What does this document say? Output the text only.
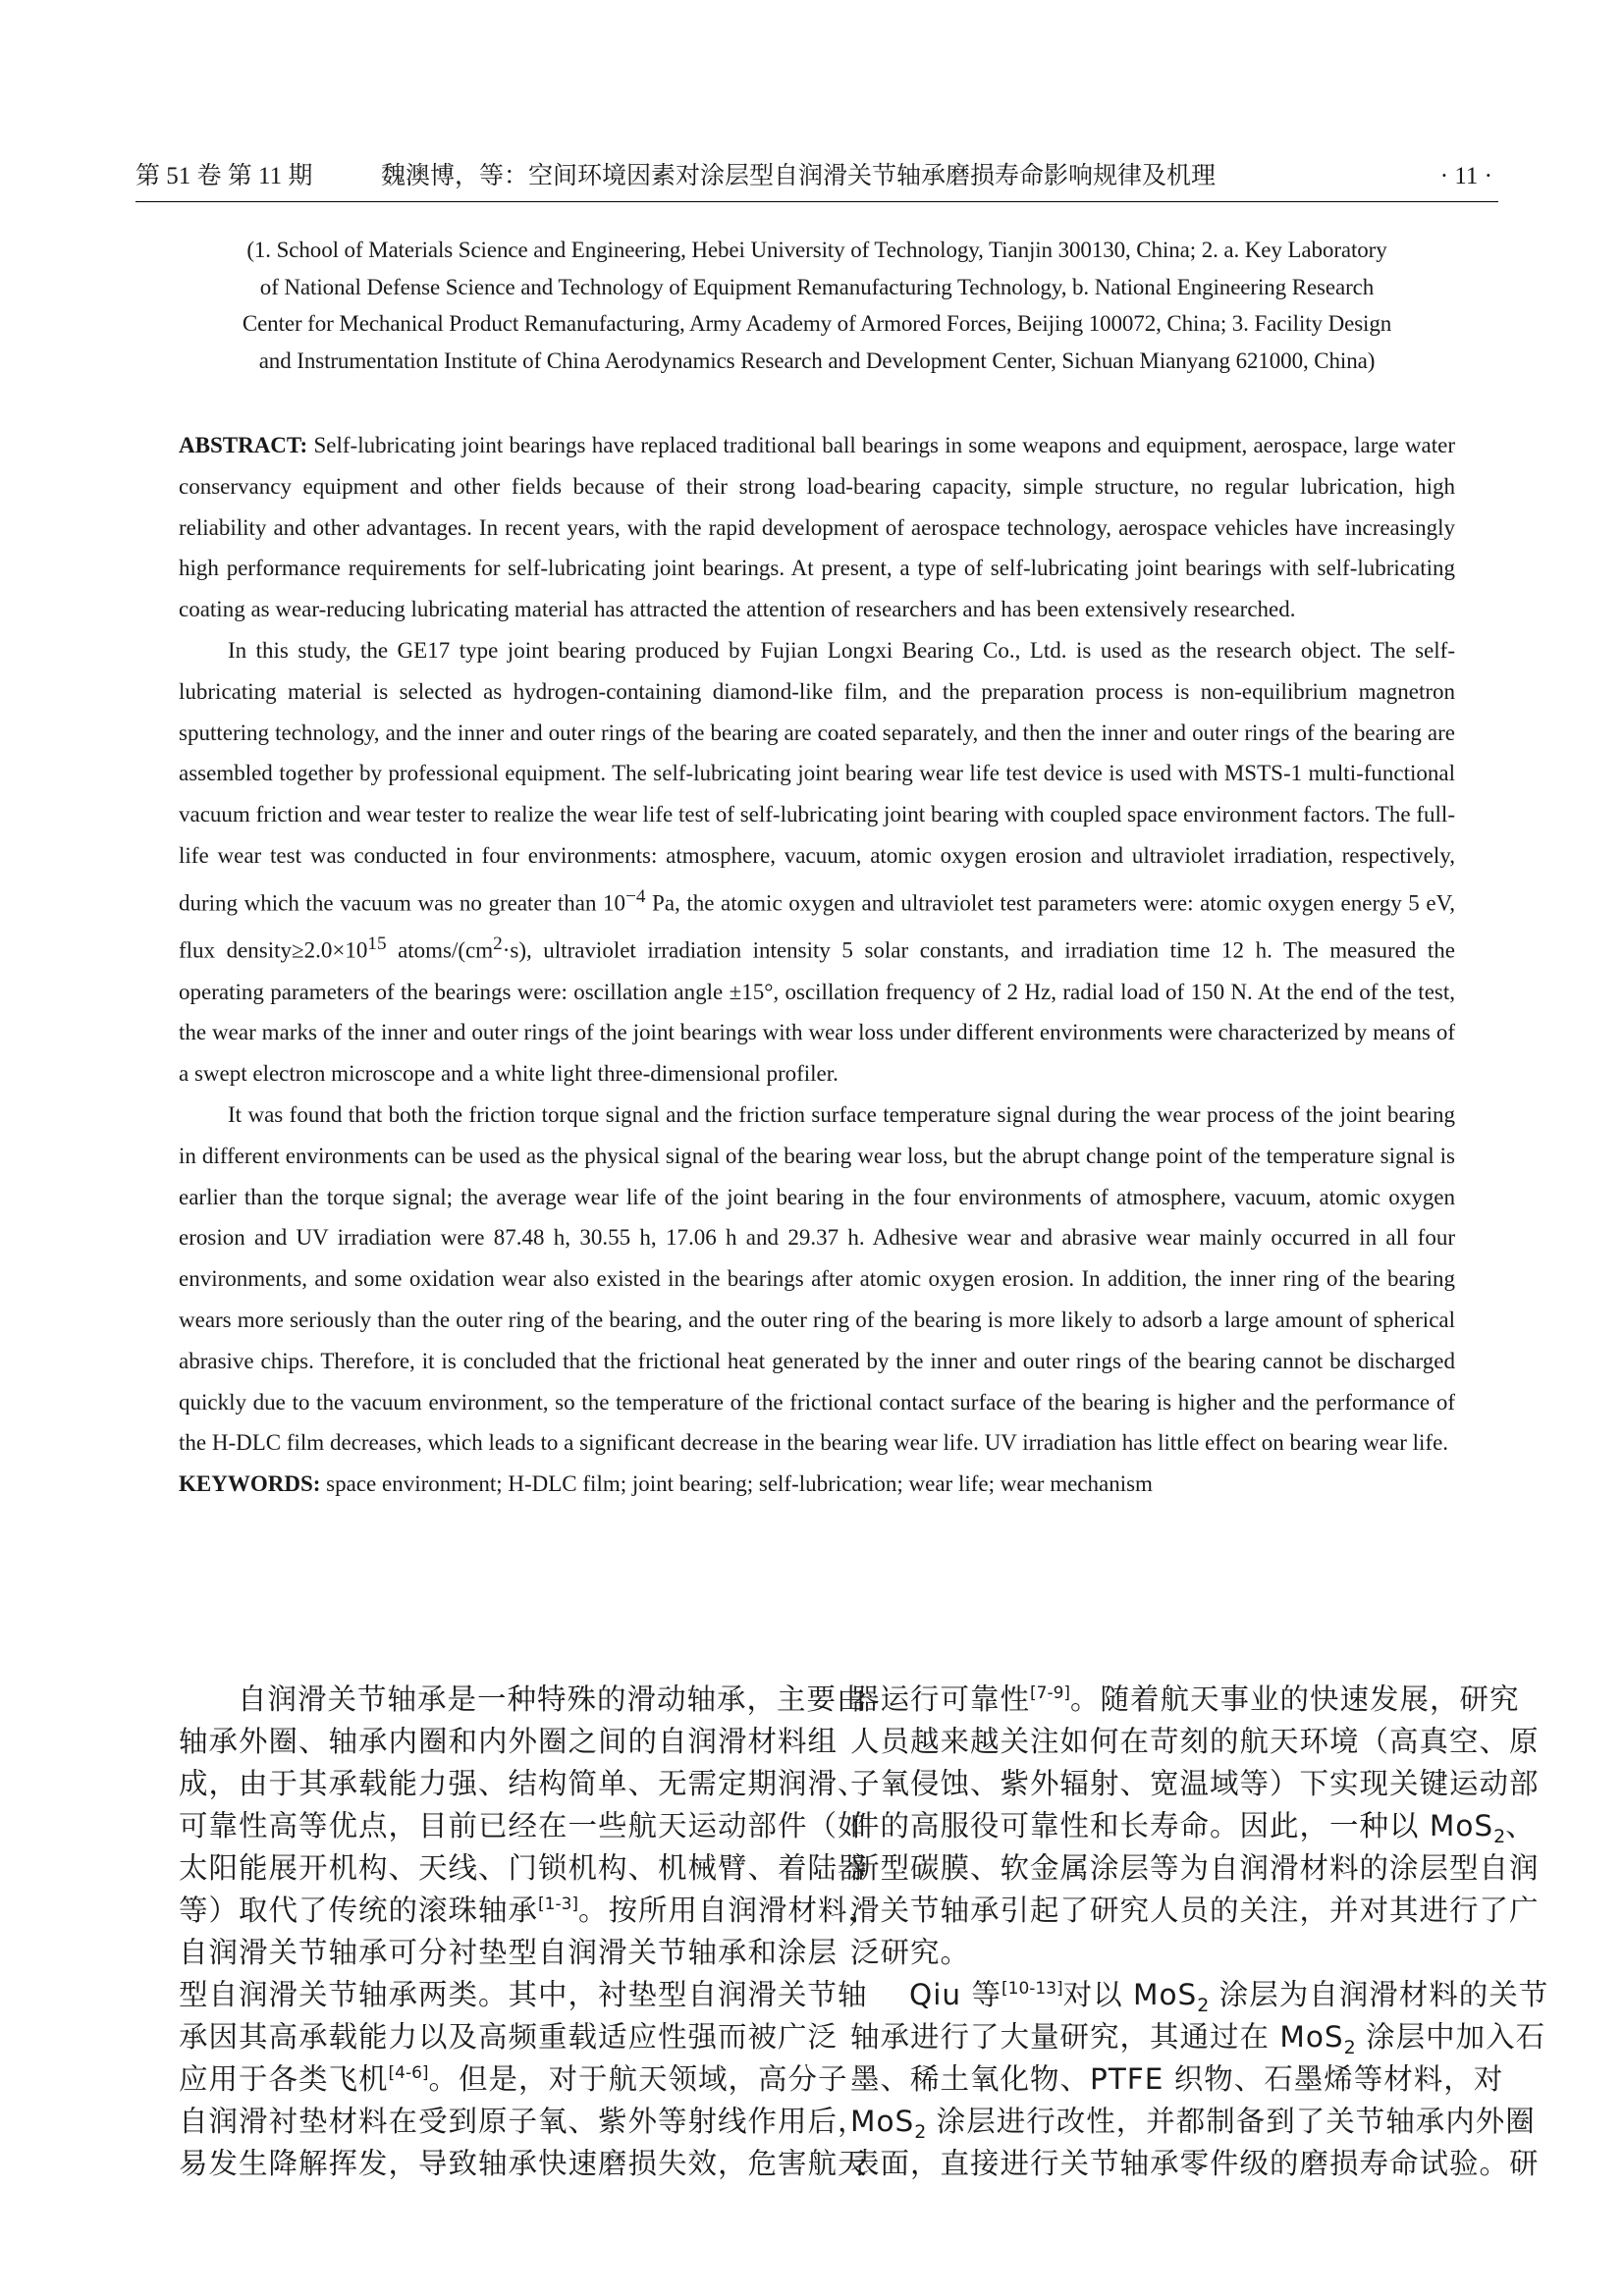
第 51 卷 第 11 期	魏澳博，等：空间环境因素对涂层型自润滑关节轴承磨损寿命影响规律及机理	· 11 ·
(1. School of Materials Science and Engineering, Hebei University of Technology, Tianjin 300130, China; 2. a. Key Laboratory
of National Defense Science and Technology of Equipment Remanufacturing Technology, b. National Engineering Research
Center for Mechanical Product Remanufacturing, Army Academy of Armored Forces, Beijing 100072, China; 3. Facility Design
and Instrumentation Institute of China Aerodynamics Research and Development Center, Sichuan Mianyang 621000, China)

ABSTRACT: Self-lubricating joint bearings have replaced traditional ball bearings in some weapons and equipment, aerospace, large water conservancy equipment and other fields because of their strong load-bearing capacity, simple structure, no regular lubrication, high reliability and other advantages. In recent years, with the rapid development of aerospace technology, aerospace vehicles have increasingly high performance requirements for self-lubricating joint bearings. At present, a type of self-lubricating joint bearings with self-lubricating coating as wear-reducing lubricating material has attracted the attention of researchers and has been extensively researched.

In this study, the GE17 type joint bearing produced by Fujian Longxi Bearing Co., Ltd. is used as the research object. The self-lubricating material is selected as hydrogen-containing diamond-like film, and the preparation process is non-equilibrium magnetron sputtering technology, and the inner and outer rings of the bearing are coated separately, and then the inner and outer rings of the bearing are assembled together by professional equipment. The self-lubricating joint bearing wear life test device is used with MSTS-1 multi-functional vacuum friction and wear tester to realize the wear life test of self-lubricating joint bearing with coupled space environment factors. The full-life wear test was conducted in four environments: atmosphere, vacuum, atomic oxygen erosion and ultraviolet irradiation, respectively, during which the vacuum was no greater than $10^{-4}$ Pa, the atomic oxygen and ultraviolet test parameters were: atomic oxygen energy 5 eV, flux $density\ge 2.0\times 10^{15}$ atoms/$(cm^2\cdot s)$, ultraviolet irradiation intensity 5 solar constants, and irradiation time 12 h. The measured the operating parameters of the bearings were: oscillation angle ±15°, oscillation frequency of 2 Hz, radial load of 150 N. At the end of the test, the wear marks of the inner and outer rings of the joint bearings with wear loss under different environments were characterized by means of a swept electron microscope and a white light three-dimensional profiler.

It was found that both the friction torque signal and the friction surface temperature signal during the wear process of the joint bearing in different environments can be used as the physical signal of the bearing wear loss, but the abrupt change point of the temperature signal is earlier than the torque signal; the average wear life of the joint bearing in the four environments of atmosphere, vacuum, atomic oxygen erosion and UV irradiation were 87.48 h, 30.55 h, 17.06 h and 29.37 h. Adhesive wear and abrasive wear mainly occurred in all four environments, and some oxidation wear also existed in the bearings after atomic oxygen erosion. In addition, the inner ring of the bearing wears more seriously than the outer ring of the bearing, and the outer ring of the bearing is more likely to adsorb a large amount of spherical abrasive chips. Therefore, it is concluded that the frictional heat generated by the inner and outer rings of the bearing cannot be discharged quickly due to the vacuum environment, so the temperature of the frictional contact surface of the bearing is higher and the performance of the H-DLC film decreases, which leads to a significant decrease in the bearing wear life. UV irradiation has little effect on bearing wear life.

KEYWORDS: space environment; H-DLC film; joint bearing; self-lubrication; wear life; wear mechanism

自润滑关节轴承是一种特殊的滑动轴承，主要由
轴承外圈、轴承内圈和内外圈之间的自润滑材料组
成，由于其承载能力强、结构简单、无需定期润滑、
可靠性高等优点，目前已经在一些航天运动部件（如
太阳能展开机构、天线、门锁机构、机械臂、着陆器
等）取代了传统的滚珠轴承[1-3]。按所用自润滑材料，
自润滑关节轴承可分衬垫型自润滑关节轴承和涂层
型自润滑关节轴承两类。其中，衬垫型自润滑关节轴
承因其高承载能力以及高频重载适应性强而被广泛
应用于各类飞机[4-6]。但是，对于航天领域，高分子
自润滑衬垫材料在受到原子氧、紫外等射线作用后，
易发生降解挥发，导致轴承快速磨损失效，危害航天
器运行可靠性[7-9]。随着航天事业的快速发展，研究
人员越来越关注如何在苛刻的航天环境（高真空、原
子氧侵蚀、紫外辐射、宽温域等）下实现关键运动部
件的高服役可靠性和长寿命。因此，一种以 MoS$_2$、
新型碳膜、软金属涂层等为自润滑材料的涂层型自润
滑关节轴承引起了研究人员的关注，并对其进行了广
泛研究。
Qiu 等[10-13]对以 MoS$_2$ 涂层为自润滑材料的关节
轴承进行了大量研究，其通过在 MoS$_2$ 涂层中加入石
墨、稀土氧化物、PTFE 织物、石墨烯等材料，对
MoS$_2$ 涂层进行改性，并都制备到了关节轴承内外圈
表面，直接进行关节轴承零件级的磨损寿命试验。研
